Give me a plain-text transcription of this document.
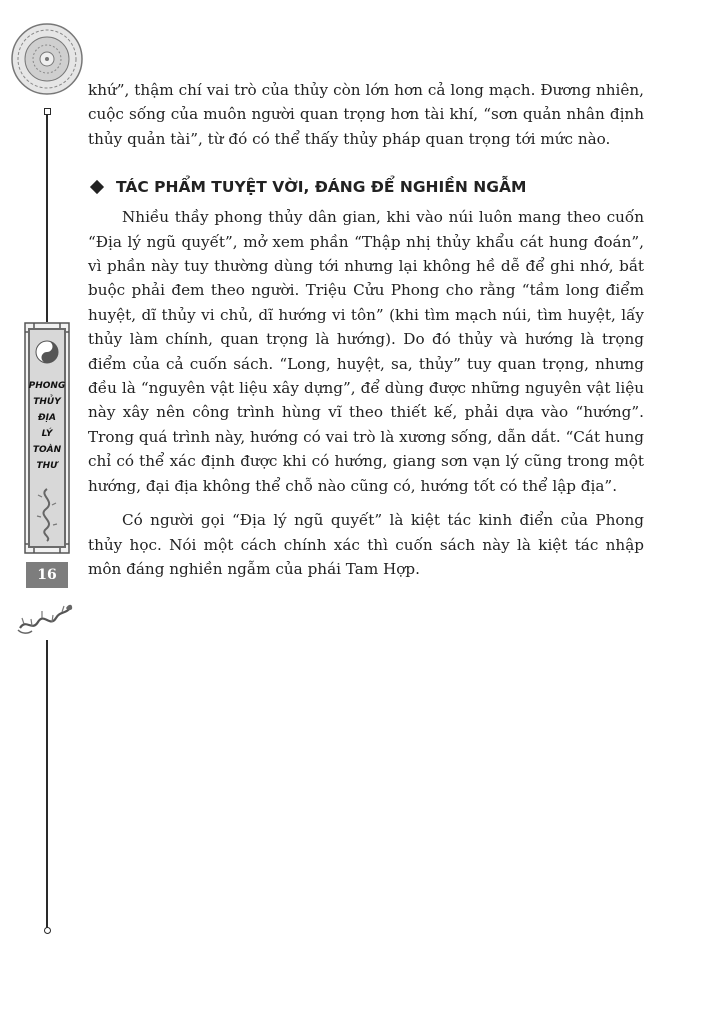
PHONG
THỦY
ĐỊA
LÝ
TOÀN
THƯ
16

khứ”, thậm chí vai trò của thủy còn lớn hơn cả long mạch. Đương nhiên, cuộc sống của muôn người quan trọng hơn tài khí, “sơn quản nhân định thủy quản tài”, từ đó có thể thấy thủy pháp quan trọng tới mức nào.

TÁC PHẨM TUYỆT VỜI, ĐÁNG ĐỂ NGHIỀN NGẪM

Nhiều thầy phong thủy dân gian, khi vào núi luôn mang theo cuốn “Địa lý ngũ quyết”, mở xem phần “Thập nhị thủy khẩu cát hung đoán”, vì phần này tuy thường dùng tới nhưng lại không hề dễ để ghi nhớ, bắt buộc phải đem theo người. Triệu Cửu Phong cho rằng “tầm long điểm huyệt, dĩ thủy vi chủ, dĩ hướng vi tôn” (khi tìm mạch núi, tìm huyệt, lấy thủy làm chính, quan trọng là hướng). Do đó thủy và hướng là trọng điểm của cả cuốn sách. “Long, huyệt, sa, thủy” tuy quan trọng, nhưng đều là “nguyên vật liệu xây dựng”, để dùng được những nguyên vật liệu này xây nên công trình hùng vĩ theo thiết kế, phải dựa vào “hướng”. Trong quá trình này, hướng có vai trò là xương sống, dẫn dắt. “Cát hung chỉ có thể xác định được khi có hướng, giang sơn vạn lý cũng trong một hướng, đại địa không thể chỗ nào cũng có, hướng tốt có thể lập địa”.

Có người gọi “Địa lý ngũ quyết” là kiệt tác kinh điển của Phong thủy học. Nói một cách chính xác thì cuốn sách này là kiệt tác nhập môn đáng nghiền ngẫm của phái Tam Hợp.
